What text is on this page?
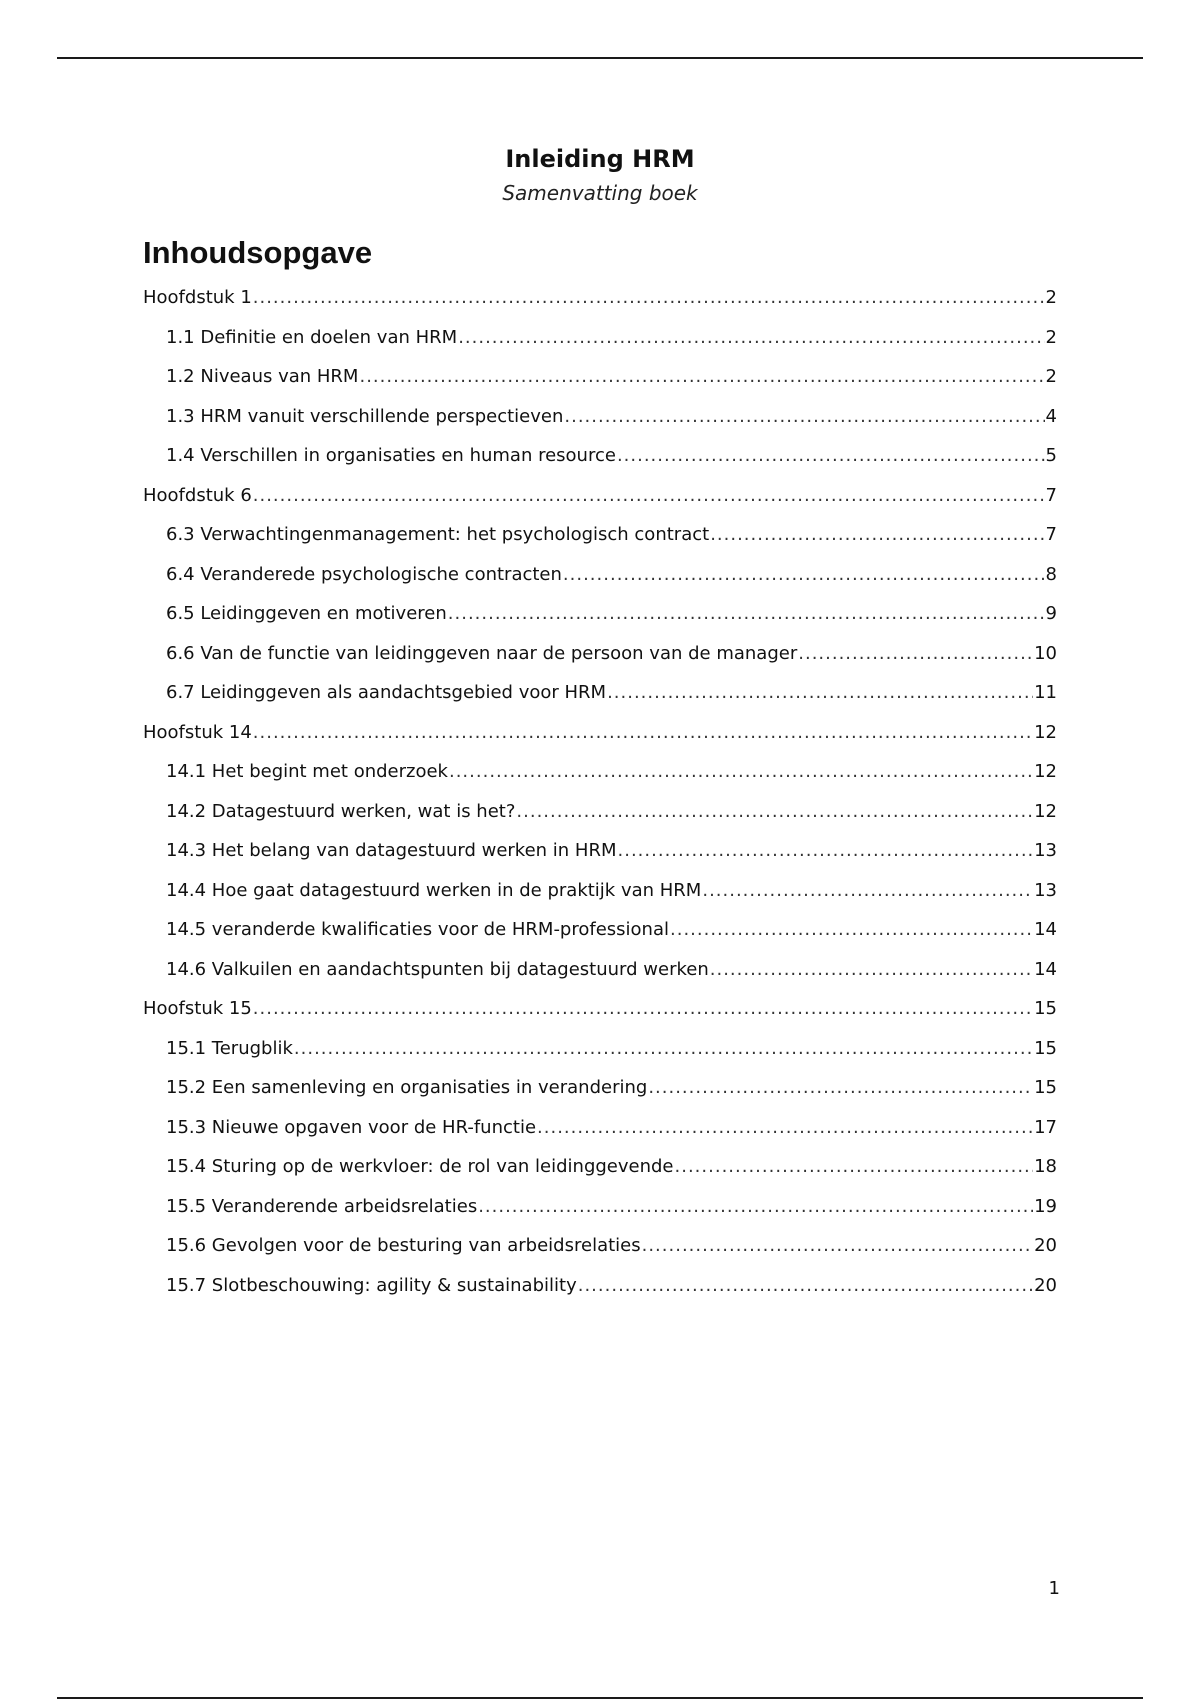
Inleiding HRM
Samenvatting boek
Inhoudsopgave
Hoofdstuk 1 .....	2
1.1 Definitie en doelen van HRM .....	2
1.2 Niveaus van HRM .....	2
1.3 HRM vanuit verschillende perspectieven .....	4
1.4 Verschillen in organisaties en human resource .....	5
Hoofdstuk 6 .....	7
6.3 Verwachtingenmanagement: het psychologisch contract .....	7
6.4 Veranderede psychologische contracten .....	8
6.5 Leidinggeven en motiveren .....	9
6.6 Van de functie van leidinggeven naar de persoon van de manager .....	10
6.7 Leidinggeven als aandachtsgebied voor HRM .....	11
Hoofstuk 14 .....	12
14.1 Het begint met onderzoek .....	12
14.2 Datagestuurd werken, wat is het? .....	12
14.3 Het belang van datagestuurd werken in HRM .....	13
14.4 Hoe gaat datagestuurd werken in de praktijk van HRM .....	13
14.5 veranderde kwalificaties voor de HRM-professional .....	14
14.6 Valkuilen en aandachtspunten bij datagestuurd werken .....	14
Hoofstuk 15 .....	15
15.1 Terugblik .....	15
15.2 Een samenleving en organisaties in verandering .....	15
15.3 Nieuwe opgaven voor de HR-functie .....	17
15.4 Sturing op de werkvloer: de rol van leidinggevende .....	18
15.5 Veranderende arbeidsrelaties .....	19
15.6 Gevolgen voor de besturing van arbeidsrelaties .....	20
15.7 Slotbeschouwing: agility & sustainability .....	20
1
